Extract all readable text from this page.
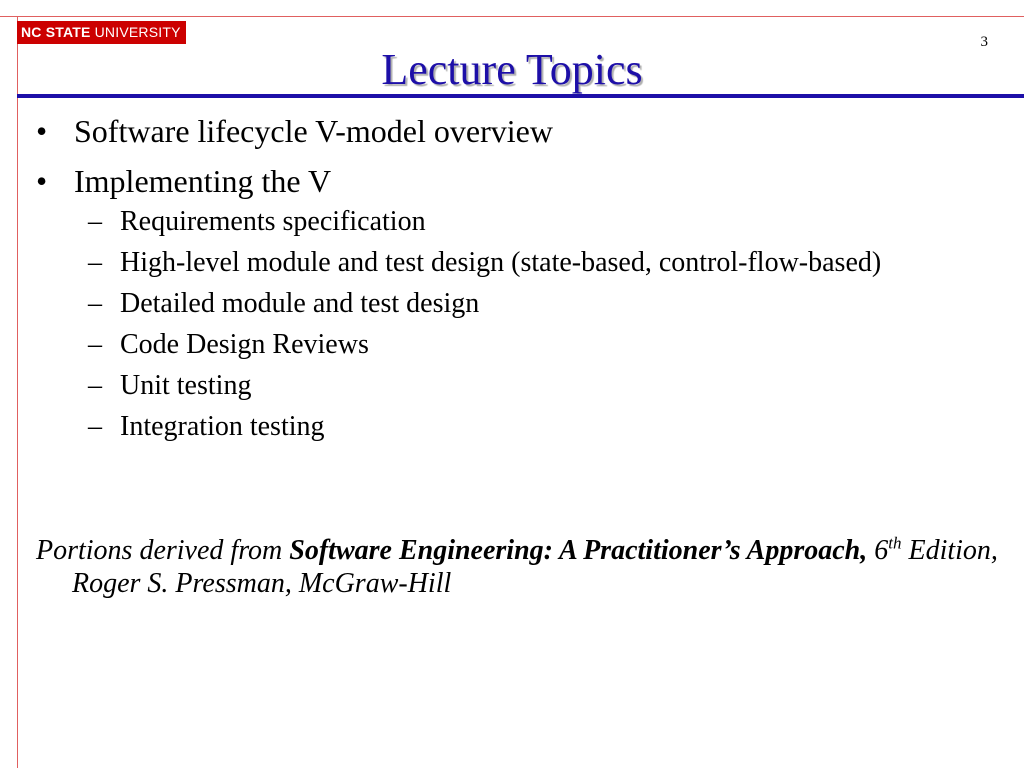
NC STATE UNIVERSITY
3
Lecture Topics
• Software lifecycle V-model overview
• Implementing the V
– Requirements specification
– High-level module and test design (state-based, control-flow-based)
– Detailed module and test design
– Code Design Reviews
– Unit testing
– Integration testing
Portions derived from Software Engineering: A Practitioner’s Approach, 6th Edition, Roger S. Pressman, McGraw-Hill
